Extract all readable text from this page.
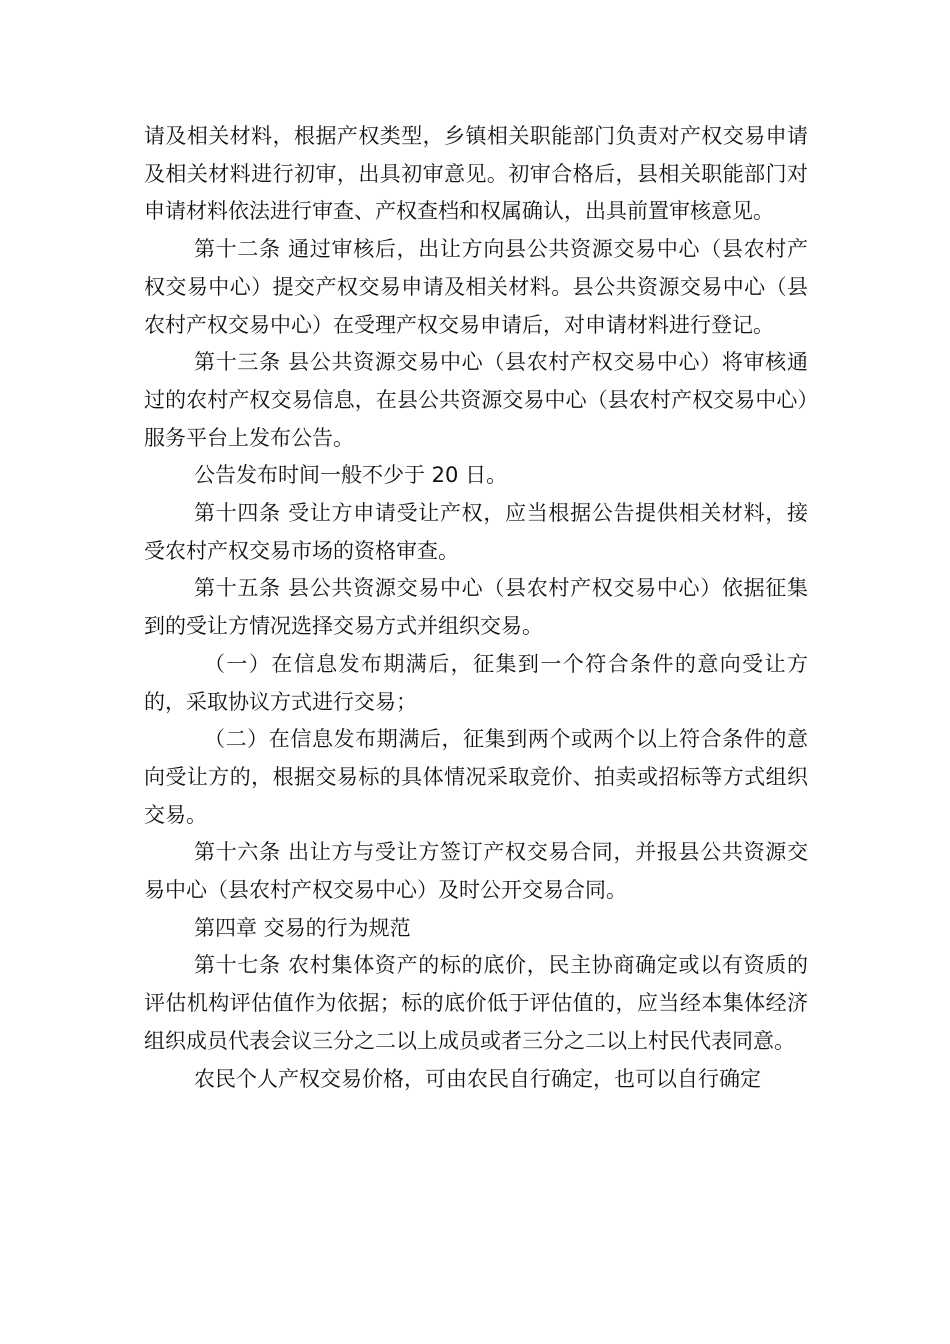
请及相关材料，根据产权类型，乡镇相关职能部门负责对产权交易申请及相关材料进行初审，出具初审意见。初审合格后，县相关职能部门对申请材料依法进行审查、产权查档和权属确认，出具前置审核意见。

第十二条 通过审核后，出让方向县公共资源交易中心（县农村产权交易中心）提交产权交易申请及相关材料。县公共资源交易中心（县农村产权交易中心）在受理产权交易申请后，对申请材料进行登记。

第十三条 县公共资源交易中心（县农村产权交易中心）将审核通过的农村产权交易信息，在县公共资源交易中心（县农村产权交易中心）服务平台上发布公告。

公告发布时间一般不少于 20 日。

第十四条 受让方申请受让产权，应当根据公告提供相关材料，接受农村产权交易市场的资格审查。

第十五条 县公共资源交易中心（县农村产权交易中心）依据征集到的受让方情况选择交易方式并组织交易。

（一）在信息发布期满后，征集到一个符合条件的意向受让方的，采取协议方式进行交易；

（二）在信息发布期满后，征集到两个或两个以上符合条件的意向受让方的，根据交易标的具体情况采取竞价、拍卖或招标等方式组织交易。

第十六条 出让方与受让方签订产权交易合同，并报县公共资源交易中心（县农村产权交易中心）及时公开交易合同。

第四章 交易的行为规范

第十七条 农村集体资产的标的底价，民主协商确定或以有资质的评估机构评估值作为依据；标的底价低于评估值的，应当经本集体经济组织成员代表会议三分之二以上成员或者三分之二以上村民代表同意。

农民个人产权交易价格，可由农民自行确定，也可以自行确定
